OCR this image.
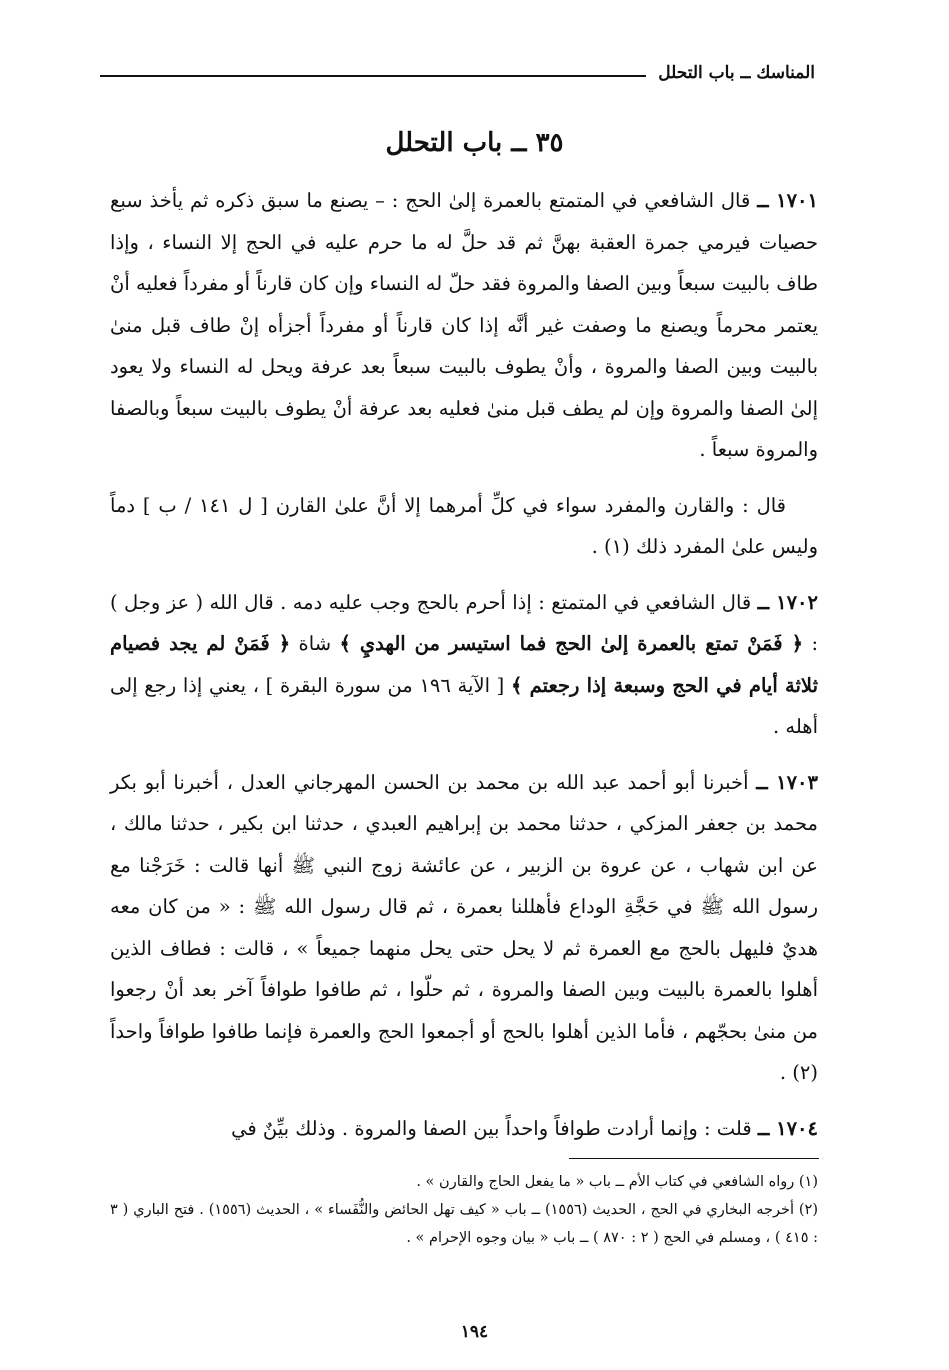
المناسك ــ باب التحلل
٣٥ ــ باب التحلل

١٧٠١ ــ قال الشافعي في المتمتع بالعمرة إلىٰ الحج : – يصنع ما سبق ذكره ثم يأخذ سبع حصيات فيرمي جمرة العقبة بهنَّ ثم قد حلَّ له ما حرم عليه في الحج إلا النساء ، وإذا طاف بالبيت سبعاً وبين الصفا والمروة فقد حلّ له النساء وإن كان قارناً أو مفرداً فعليه أنْ يعتمر محرماً ويصنع ما وصفت غير أنَّه إذا كان قارناً أو مفرداً أجزأه إنْ طاف قبل منىٰ بالبيت وبين الصفا والمروة ، وأنْ يطوف بالبيت سبعاً بعد عرفة ويحل له النساء ولا يعود إلىٰ الصفا والمروة وإن لم يطف قبل منىٰ فعليه بعد عرفة أنْ يطوف بالبيت سبعاً وبالصفا والمروة سبعاً .

قال : والقارن والمفرد سواء في كلِّ أمرهما إلا أنَّ علىٰ القارن [ ل ١٤١ / ب ] دماً وليس علىٰ المفرد ذلك (١) .

١٧٠٢ ــ قال الشافعي في المتمتع : إذا أحرم بالحج وجب عليه دمه . قال الله ( عز وجل ) : ﴿ فَمَنْ تمتع بالعمرة إلىٰ الحج فما استيسر من الهديِ ﴾ شاة ﴿ فَمَنْ لم يجد فصيام ثلاثة أيام في الحج وسبعة إذا رجعتم ﴾ [ الآية ١٩٦ من سورة البقرة ] ، يعني إذا رجع إلى أهله .

١٧٠٣ ــ أخبرنا أبو أحمد عبد الله بن محمد بن الحسن المهرجاني العدل ، أخبرنا أبو بكر محمد بن جعفر المزكي ، حدثنا محمد بن إبراهيم العبدي ، حدثنا ابن بكير ، حدثنا مالك ، عن ابن شهاب ، عن عروة بن الزبير ، عن عائشة زوج النبي ﷺ أنها قالت : خَرَجْنا مع رسول الله ﷺ في حَجَّةِ الوداع فأهللنا بعمرة ، ثم قال رسول الله ﷺ : « من كان معه هديٌ فليهل بالحج مع العمرة ثم لا يحل حتى يحل منهما جميعاً » ، قالت : فطاف الذين أهلوا بالعمرة بالبيت وبين الصفا والمروة ، ثم حلّوا ، ثم طافوا طوافاً آخر بعد أنْ رجعوا من منىٰ بحجّهم ، فأما الذين أهلوا بالحج أو أجمعوا الحج والعمرة فإنما طافوا طوافاً واحداً (٢) .

١٧٠٤ ــ قلت : وإنما أرادت طوافاً واحداً بين الصفا والمروة . وذلك بيِّنٌ في

(١) رواه الشافعي في كتاب الأم ــ باب « ما يفعل الحاج والقارن » .

(٢) أخرجه البخاري في الحج ، الحديث (١٥٥٦) ــ باب « كيف تهل الحائض والنُّفَساء » ، الحديث (١٥٥٦) . فتح الباري ( ٣ : ٤١٥ ) ، ومسلم في الحج ( ٢ : ٨٧٠ ) ــ باب « بيان وجوه الإحرام » .

١٩٤
